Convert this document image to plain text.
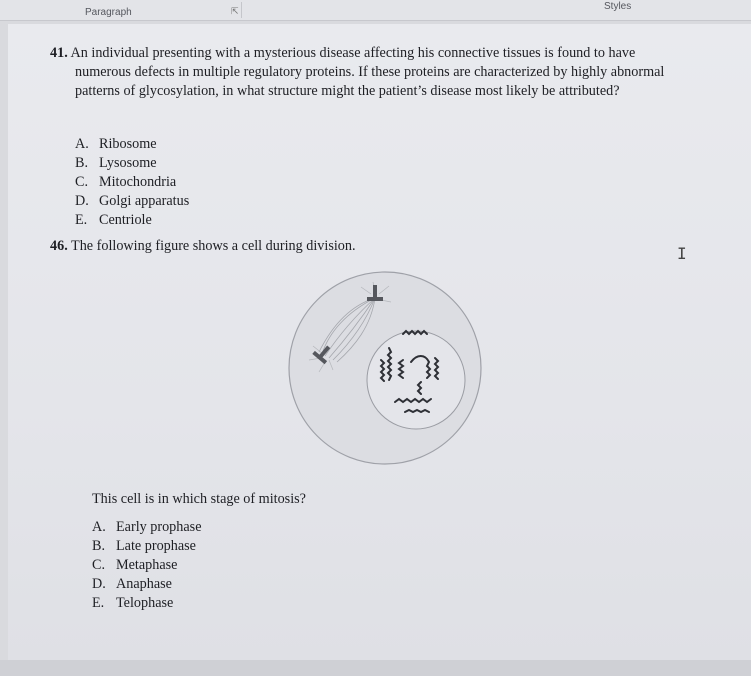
Paragraph	⇱	Styles
41. An individual presenting with a mysterious disease affecting his connective tissues is found to have numerous defects in multiple regulatory proteins. If these proteins are characterized by highly abnormal patterns of glycosylation, in what structure might the patient’s disease most likely be attributed?
A. Ribosome
B. Lysosome
C. Mitochondria
D. Golgi apparatus
E. Centriole
46. The following figure shows a cell during division.	I
This cell is in which stage of mitosis?
A. Early prophase
B. Late prophase
C. Metaphase
D. Anaphase
E. Telophase
